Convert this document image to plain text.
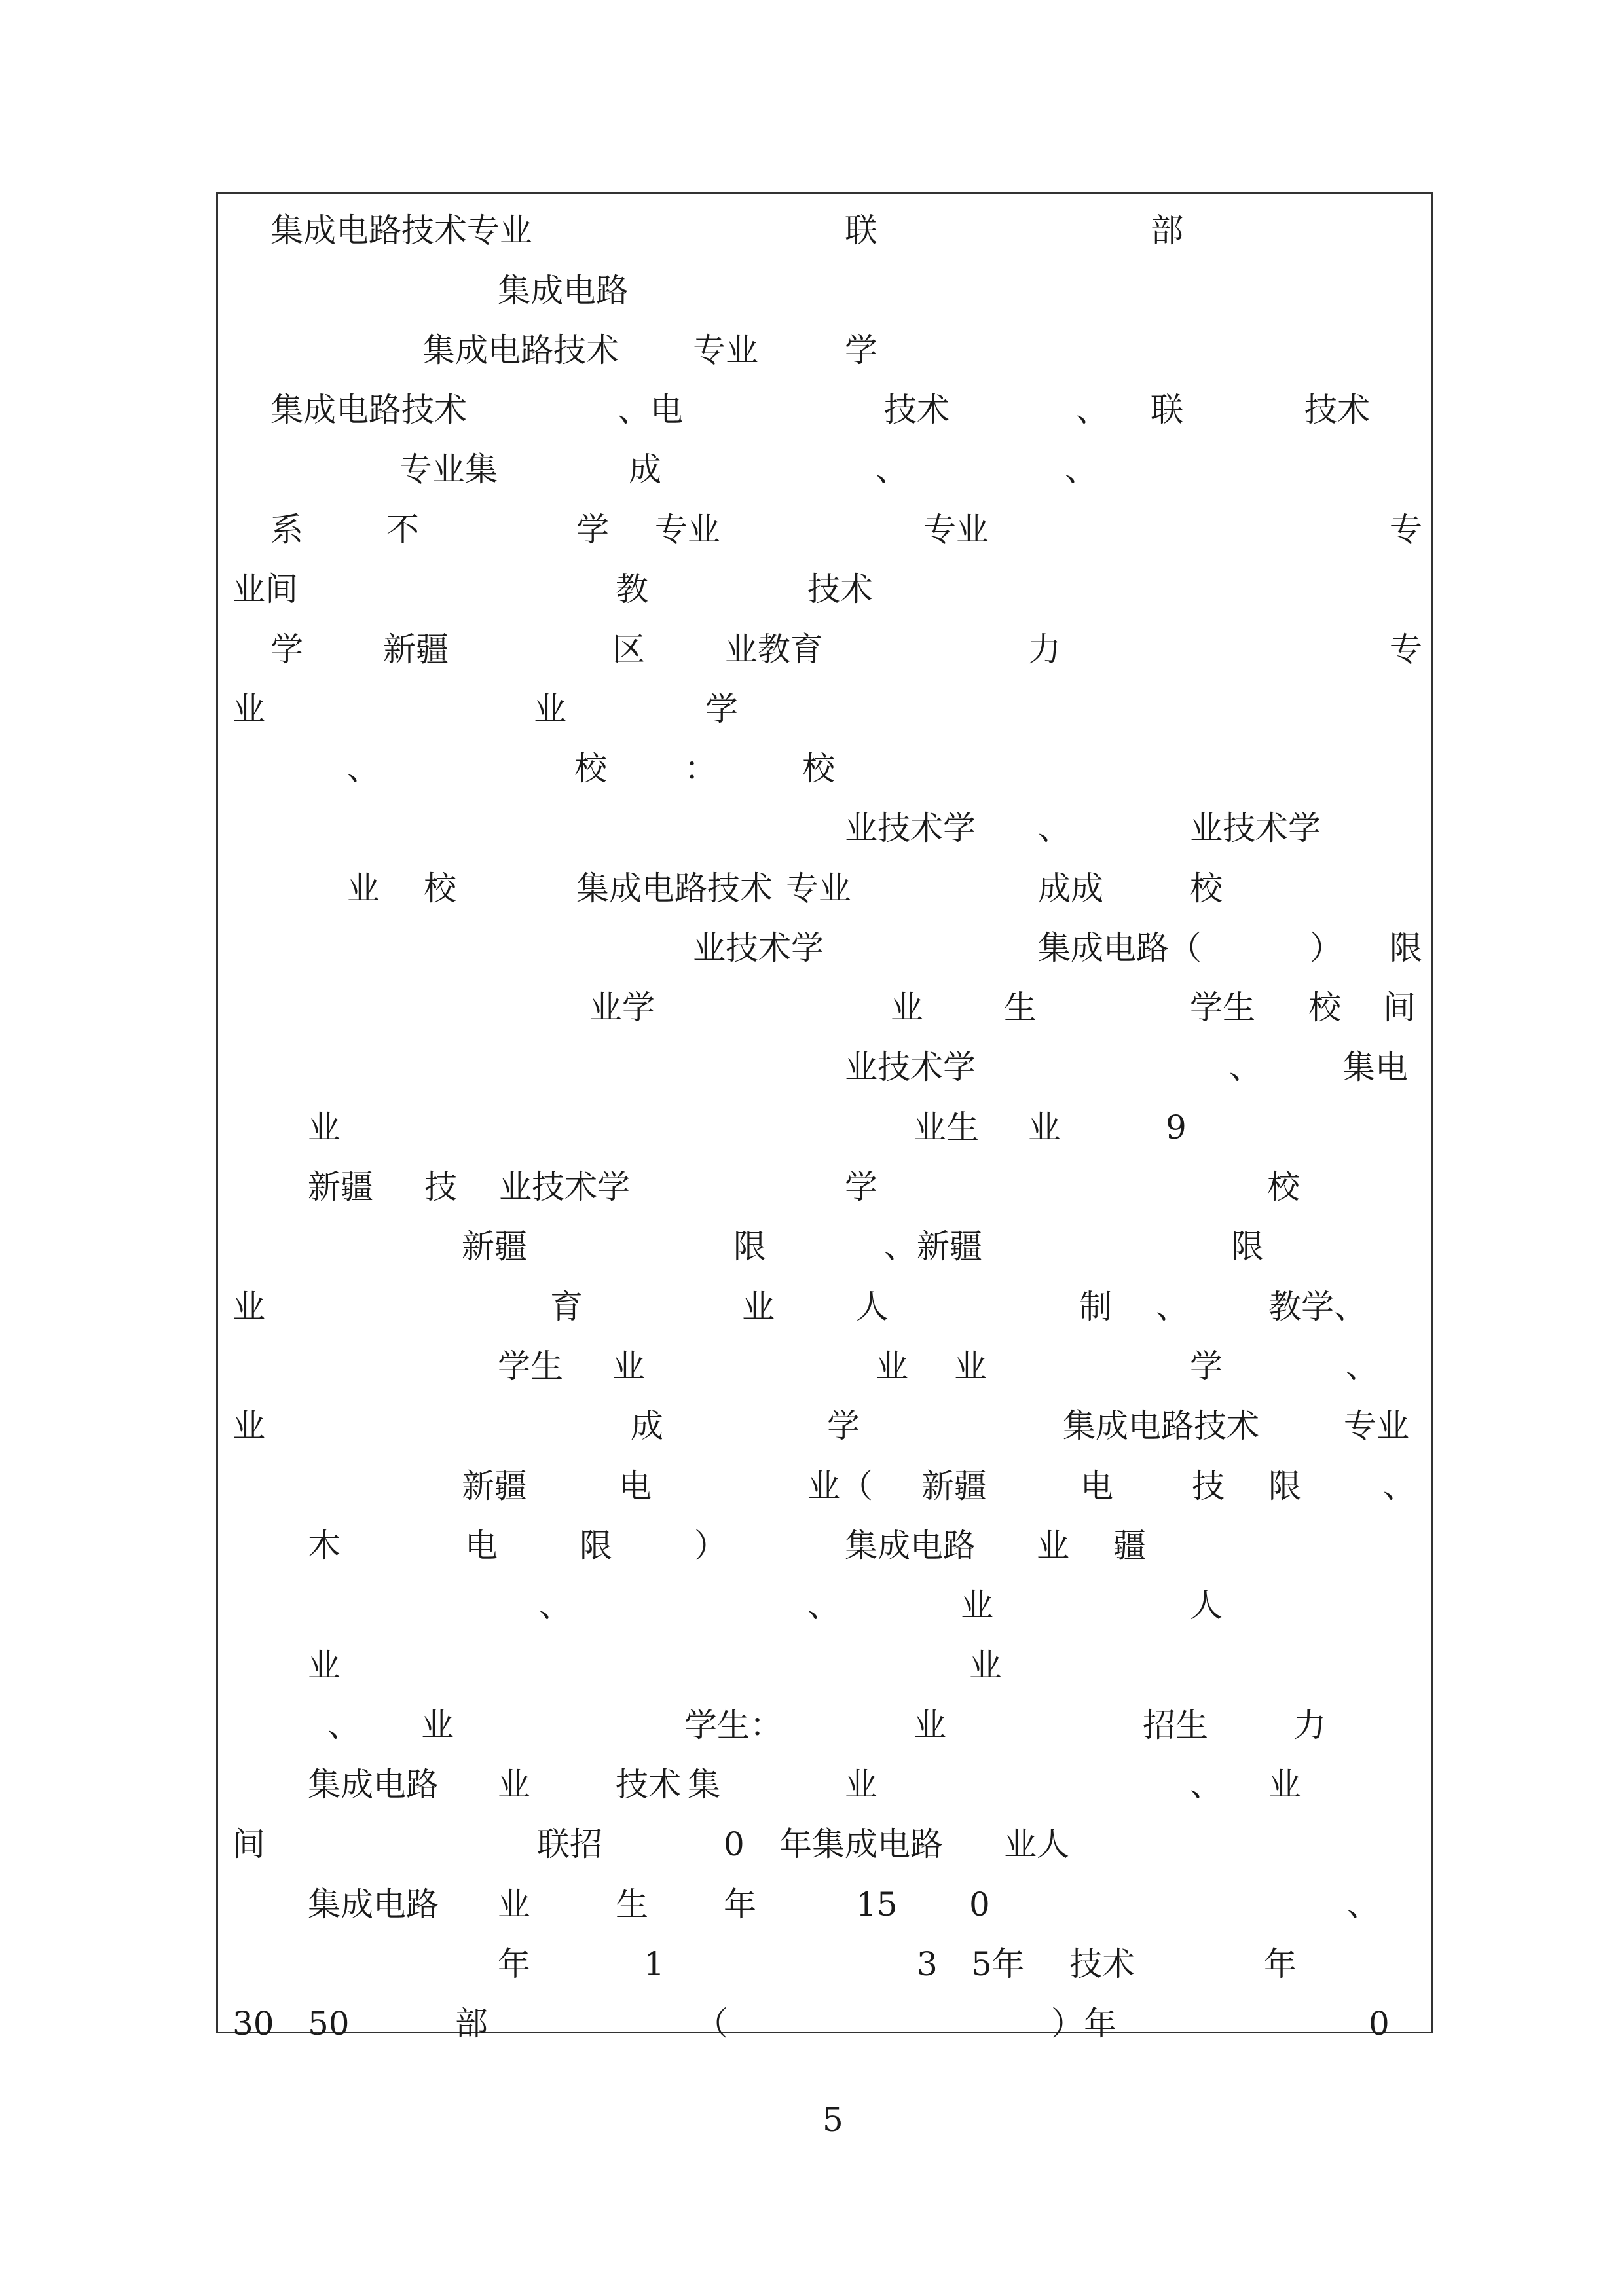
集成电路技术专业	联	部
集成电路
集成电路技术 专业	学
集成电路技术	、电	技术	、 联	技术
专业集	成	、	、
系	不	学 专业	专业	专
业间	教	技术
学 新疆	区 业教育	力	专
业	业	学
、	校 ：	校
业技术学 、	业技术学
业 校	集成电路技术 专业	成成	校
业技术学	集成电路（	） 限
业学	业 生	学生 校 间
业技术学	、 集电
业	业生 业	9
新疆 技 业技术学	学	校
新疆	限	、新疆	限
业	育	业 人	制 、 教学、
学生 业	业 业	学	、
业	成	学	集成电路技术	专业
新疆	电	业（ 新疆	电 技 限	、
木	电	限	）	集成电路 业 疆
、	、	业	人
业	业
、 业	学生：	业	招生	力
集成电路 业	技术 集	业	、 业
间	联招	0 年 集成电路 业人
集成电路 业	生 年	15 0	、
年	1	3 5年 技术	年
30 50	部	（	）年	0
5
